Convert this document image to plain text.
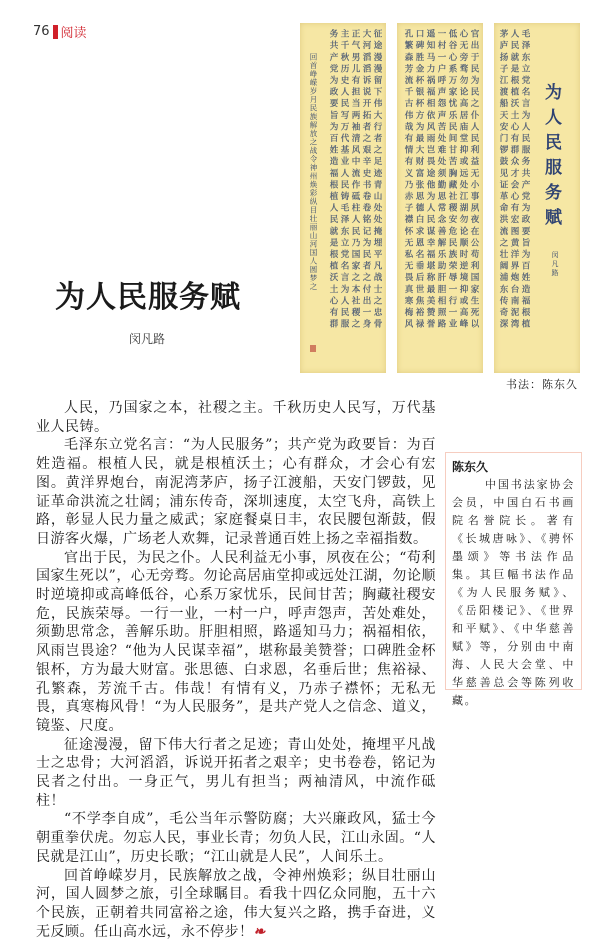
76 阅读	征途漫漫留下伟大行者之足迹青山处处掩埋平凡战士之忠骨
大河滔滔诉说开拓者之艰辛史书卷卷铭记为民者之付出一身
正气男儿有担当两袖清风中流作砥柱人民乃国家之本社稷之
主千秋历史人民写万代基业人民铸毛泽东立党名言为人民服
务共产党为政要旨为百姓造福根植人民就是根植沃土心有群
回首峥嵘岁月民族解放之战令神州焕彩纵目壮丽山河国人圆梦之	官出于民为民之仆人民利益无小事夙夜在公苟利国家生死以
心无旁骛勿论高居庙堂抑或远处江湖勿论顺时逆境抑或高峰
低谷心系万家忧乐民间甘苦胸藏社稷安危民族荣辱一行一业
一村一户呼声怨声苦处难处须勤思常念善解乐助肝胆相照路
遥知马力祸福相依风雨岂畏途他为人民谋幸福堪称最美赞誉
口碑胜金杯银杯方为最大财富张思德白求恩名垂后世焦裕禄
孔繁森芳流千古伟哉有情有义乃赤子襟怀无私无畏真寒梅风	毛泽东立党名言为人民服务共产党为政要旨为百姓造福根植
人民就是根植沃土心有群众才会心有宏图黄洋界炮台南泥湾
茅庐扬子江渡船天安门锣鼓见证革命洪流之壮阔浦东传奇深 为人民服务赋
闵凡路
为人民服务赋
闵凡路
书法：陈东久

人民，乃国家之本，社稷之主。千秋历史人民写，万代基业人民铸。

毛泽东立党名言：“为人民服务”；共产党为政要旨：为百姓造福。根植人民，就是根植沃土；心有群众，才会心有宏图。黄洋界炮台，南泥湾茅庐，扬子江渡船，天安门锣鼓，见证革命洪流之壮阔；浦东传奇，深圳速度，太空飞舟，高铁上路，彰显人民力量之威武；家庭餐桌日丰，农民腰包渐鼓，假日游客火爆，广场老人欢舞，记录普通百姓上扬之幸福指数。

官出于民，为民之仆。人民利益无小事，夙夜在公；“苟利国家生死以”，心无旁骛。勿论高居庙堂抑或远处江湖，勿论顺时逆境抑或高峰低谷，心系万家忧乐，民间甘苦；胸藏社稷安危，民族荣辱。一行一业，一村一户，呼声怨声，苦处难处，须勤思常念，善解乐助。肝胆相照，路遥知马力；祸福相依，风雨岂畏途？“他为人民谋幸福”，堪称最美赞誉；口碑胜金杯银杯，方为最大财富。张思德、白求恩，名垂后世；焦裕禄、孔繁森，芳流千古。伟哉！有情有义，乃赤子襟怀；无私无畏，真寒梅风骨！“为人民服务”，是共产党人之信念、道义，镜鉴、尺度。

征途漫漫，留下伟大行者之足迹；青山处处，掩埋平凡战士之忠骨；大河滔滔，诉说开拓者之艰辛；史书卷卷，铭记为民者之付出。一身正气，男儿有担当；两袖清风，中流作砥柱！

“不学李自成”，毛公当年示警防腐；大兴廉政风，猛士今朝重拳伏虎。勿忘人民，事业长青；勿负人民，江山永固。“人民就是江山”，历史长歌；“江山就是人民”，人间乐土。

回首峥嵘岁月，民族解放之战，令神州焕彩；纵目壮丽山河，国人圆梦之旅，引全球瞩目。看我十四亿众同胞，五十六个民族，正朝着共同富裕之途，伟大复兴之路，携手奋进，义无反顾。任山高水远，永不停步！❧

陈东久

中国书法家协会会员，中国白石书画院名誉院长。著有《长城唐咏》、《骋怀墨颂》等书法作品集。其巨幅书法作品《为人民服务赋》、《岳阳楼记》、《世界和平赋》、《中华慈善赋》等，分别由中南海、人民大会堂、中华慈善总会等陈列收藏。
